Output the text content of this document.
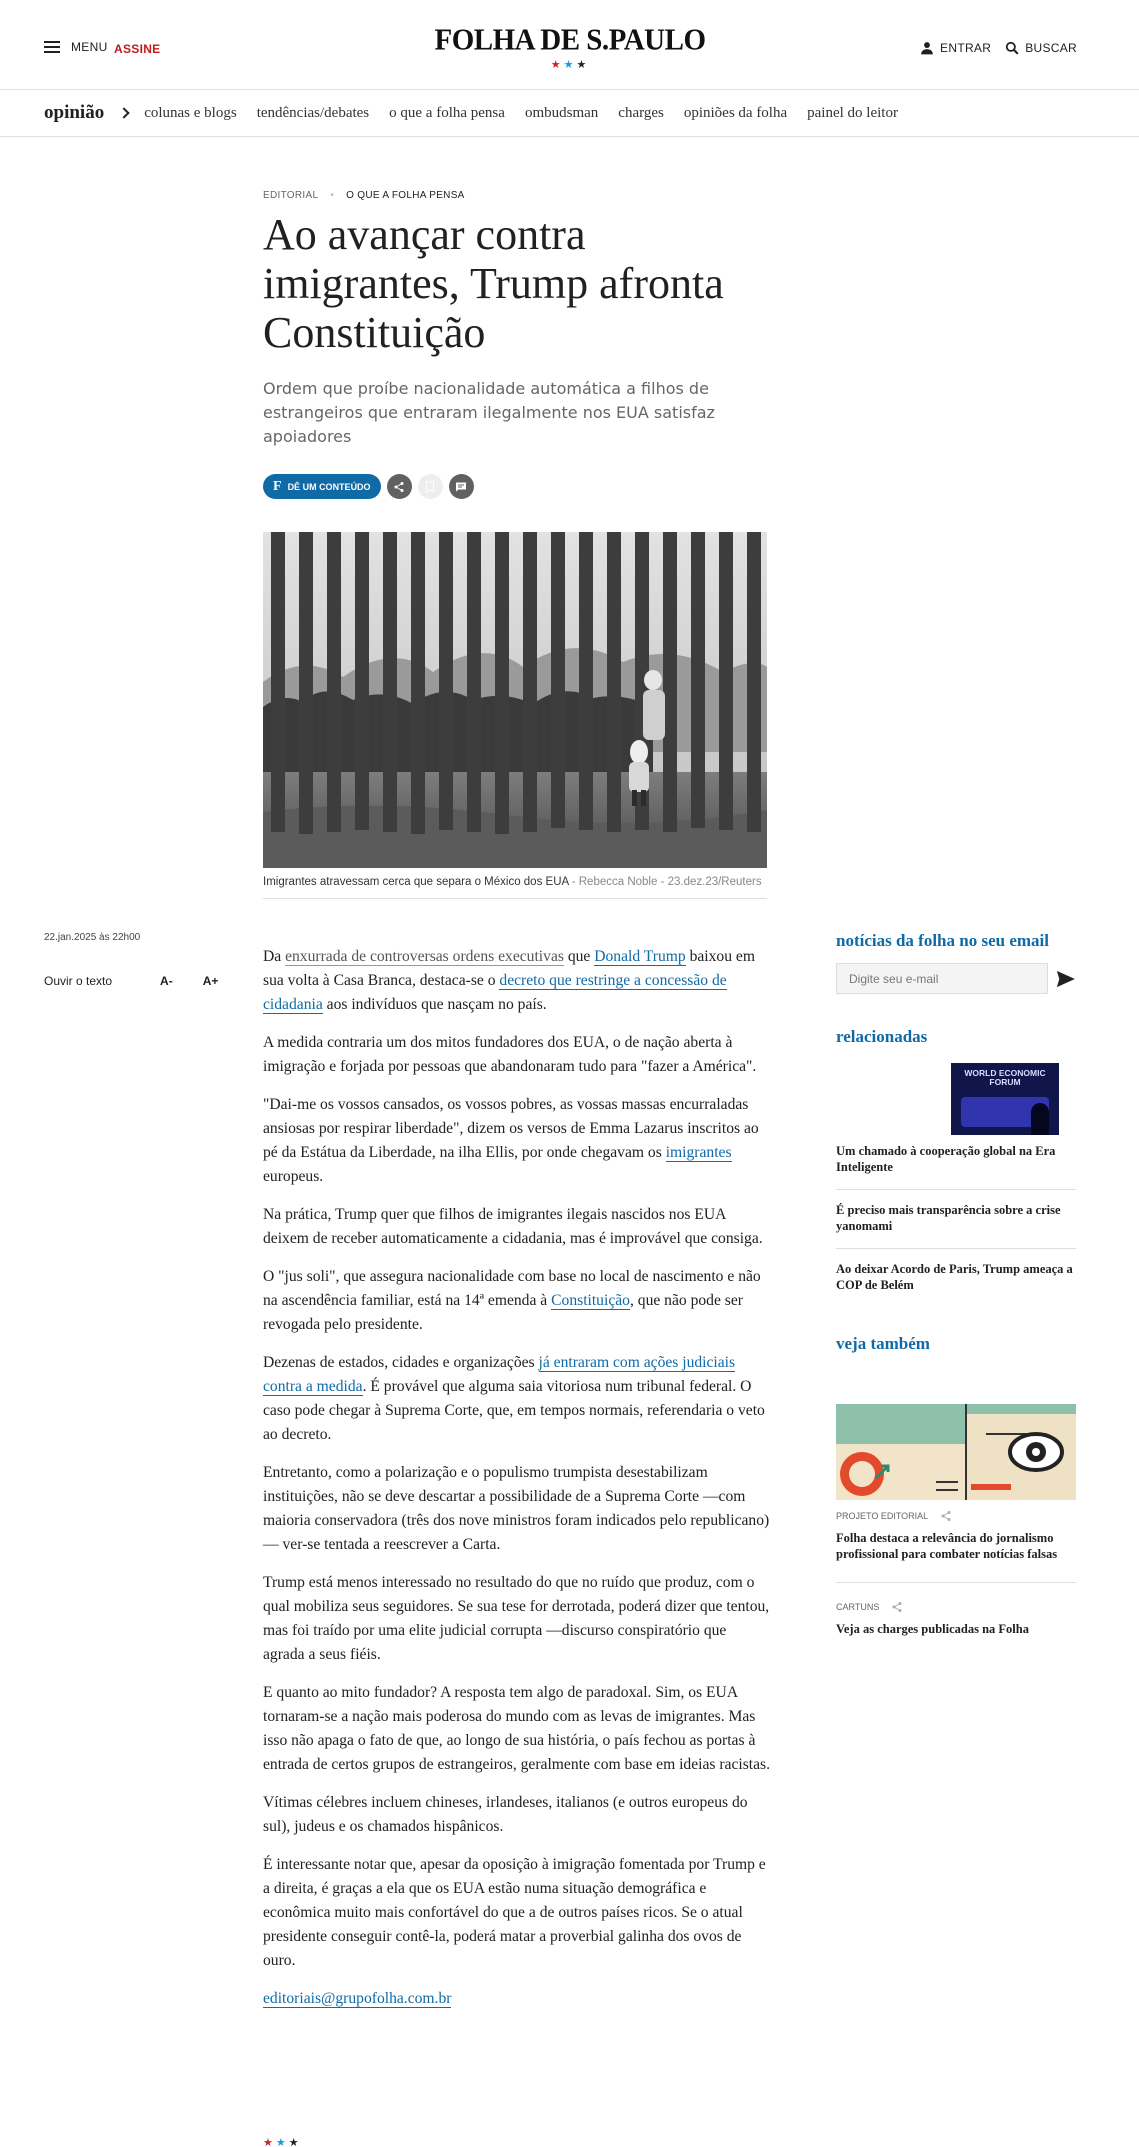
MENU ASSINE	FOLHA DE S.PAULO
★★★
ENTRAR	BUSCAR
opinião	colunas e blogs tendências/debates o que a folha pensa ombudsman charges opiniões da folha painel do leitor
EDITORIAL • O QUE A FOLHA PENSA
Ao avançar contra imigrantes, Trump afronta Constituição

Ordem que proíbe nacionalidade automática a filhos de estrangeiros que entraram ilegalmente nos EUA satisfaz apoiadores

F DÊ UM CONTEÚDO
Imigrantes atravessam cerca que separa o México dos EUA - Rebecca Noble - 23.dez.23/Reuters
22.jan.2025 às 22h00
Ouvir o texto	A-	A+

Da enxurrada de controversas ordens executivas que Donald Trump baixou em sua volta à Casa Branca, destaca-se o decreto que restringe a concessão de cidadania aos indivíduos que nasçam no país.

A medida contraria um dos mitos fundadores dos EUA, o de nação aberta à imigração e forjada por pessoas que abandonaram tudo para "fazer a América".

"Dai-me os vossos cansados, os vossos pobres, as vossas massas encurraladas ansiosas por respirar liberdade", dizem os versos de Emma Lazarus inscritos ao pé da Estátua da Liberdade, na ilha Ellis, por onde chegavam os imigrantes europeus.

Na prática, Trump quer que filhos de imigrantes ilegais nascidos nos EUA deixem de receber automaticamente a cidadania, mas é improvável que consiga.

O "jus soli", que assegura nacionalidade com base no local de nascimento e não na ascendência familiar, está na 14ª emenda à Constituição, que não pode ser revogada pelo presidente.

Dezenas de estados, cidades e organizações já entraram com ações judiciais contra a medida. É provável que alguma saia vitoriosa num tribunal federal. O caso pode chegar à Suprema Corte, que, em tempos normais, referendaria o veto ao decreto.

Entretanto, como a polarização e o populismo trumpista desestabilizam instituições, não se deve descartar a possibilidade de a Suprema Corte —com maioria conservadora (três dos nove ministros foram indicados pelo republicano)— ver-se tentada a reescrever a Carta.

Trump está menos interessado no resultado do que no ruído que produz, com o qual mobiliza seus seguidores. Se sua tese for derrotada, poderá dizer que tentou, mas foi traído por uma elite judicial corrupta —discurso conspiratório que agrada a seus fiéis.

E quanto ao mito fundador? A resposta tem algo de paradoxal. Sim, os EUA tornaram-se a nação mais poderosa do mundo com as levas de imigrantes. Mas isso não apaga o fato de que, ao longo de sua história, o país fechou as portas à entrada de certos grupos de estrangeiros, geralmente com base em ideias racistas.

Vítimas célebres incluem chineses, irlandeses, italianos (e outros europeus do sul), judeus e os chamados hispânicos.

É interessante notar que, apesar da oposição à imigração fomentada por Trump e a direita, é graças a ela que os EUA estão numa situação demográfica e econômica muito mais confortável do que a de outros países ricos. Se o atual presidente conseguir contê-la, poderá matar a proverbial galinha dos ovos de ouro.

editoriais@grupofolha.com.br

★★★
notícias da folha no seu email
Digite seu e-mail
relacionadas
WORLD ECONOMIC FORUM
Um chamado à cooperação global na Era Inteligente
É preciso mais transparência sobre a crise yanomami
Ao deixar Acordo de Paris, Trump ameaça a COP de Belém
veja também
PROJETO EDITORIAL
Folha destaca a relevância do jornalismo profissional para combater notícias falsas
CARTUNS
Veja as charges publicadas na Folha
